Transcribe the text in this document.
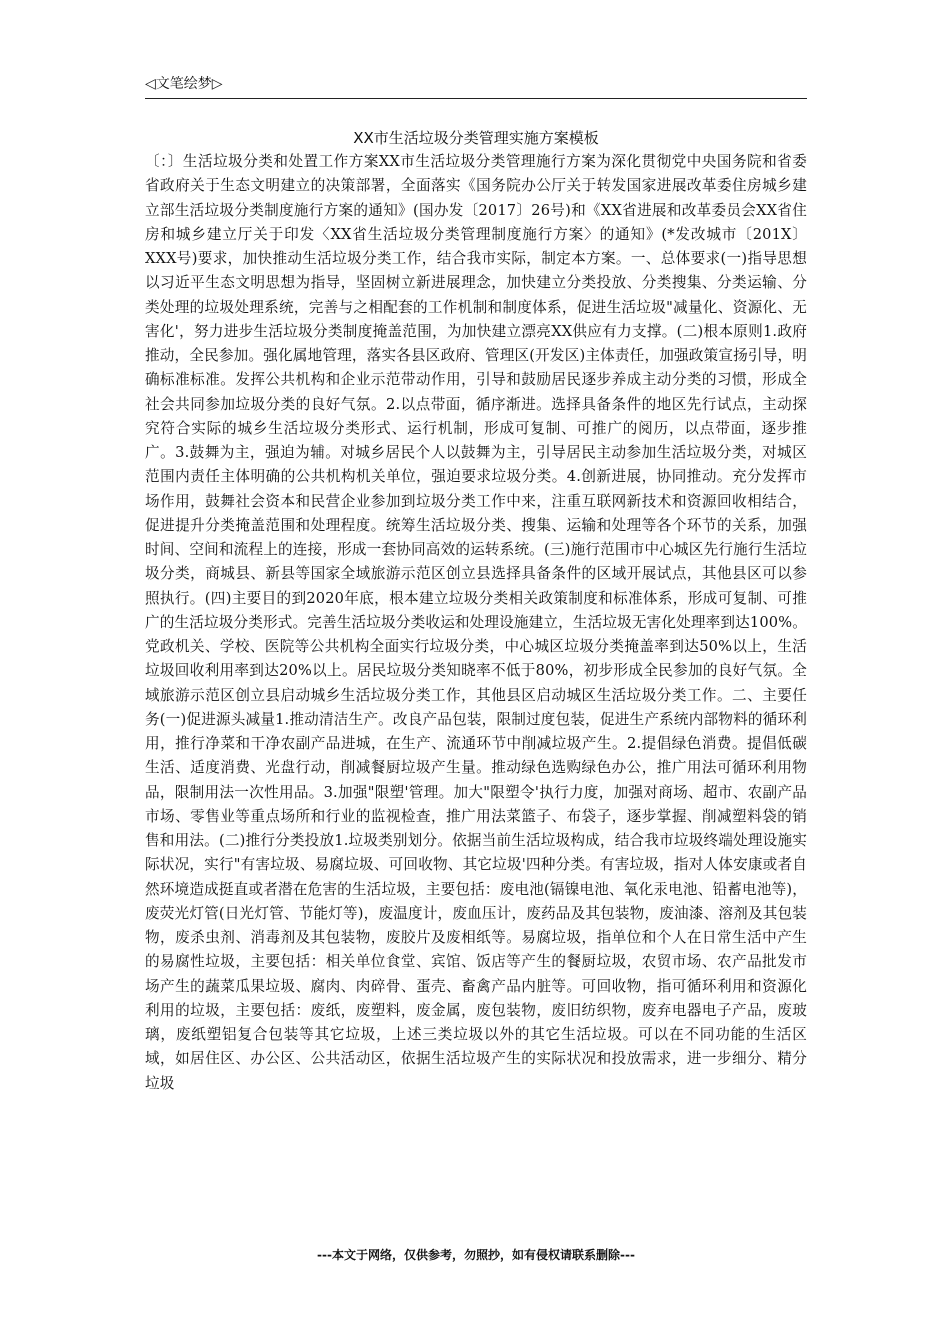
◁文笔绘梦▷
XX市生活垃圾分类管理实施方案模板
〔：〕生活垃圾分类和处置工作方案XX市生活垃圾分类管理施行方案为深化贯彻党中央国务院和省委省政府关于生态文明建立的决策部署，全面落实《国务院办公厅关于转发国家进展改革委住房城乡建立部生活垃圾分类制度施行方案的通知》(国办发〔2017〕26号)和《XX省进展和改革委员会XX省住房和城乡建立厅关于印发〈XX省生活垃圾分类管理制度施行方案〉的通知》(*发改城市〔201X〕XXX号)要求，加快推动生活垃圾分类工作，结合我市实际，制定本方案。一、总体要求(一)指导思想以习近平生态文明思想为指导，坚固树立新进展理念，加快建立分类投放、分类搜集、分类运输、分类处理的垃圾处理系统，完善与之相配套的工作机制和制度体系，促进生活垃圾"减量化、资源化、无害化'，努力进步生活垃圾分类制度掩盖范围，为加快建立漂亮XX供应有力支撑。(二)根本原则1.政府推动，全民参加。强化属地管理，落实各县区政府、管理区(开发区)主体责任，加强政策宣扬引导，明确标准标准。发挥公共机构和企业示范带动作用，引导和鼓励居民逐步养成主动分类的习惯，形成全社会共同参加垃圾分类的良好气氛。2.以点带面，循序渐进。选择具备条件的地区先行试点，主动探究符合实际的城乡生活垃圾分类形式、运行机制，形成可复制、可推广的阅历，以点带面，逐步推广。3.鼓舞为主，强迫为辅。对城乡居民个人以鼓舞为主，引导居民主动参加生活垃圾分类，对城区范围内责任主体明确的公共机构机关单位，强迫要求垃圾分类。4.创新进展，协同推动。充分发挥市场作用，鼓舞社会资本和民营企业参加到垃圾分类工作中来，注重互联网新技术和资源回收相结合，促进提升分类掩盖范围和处理程度。统筹生活垃圾分类、搜集、运输和处理等各个环节的关系，加强时间、空间和流程上的连接，形成一套协同高效的运转系统。(三)施行范围市中心城区先行施行生活垃圾分类，商城县、新县等国家全域旅游示范区创立县选择具备条件的区域开展试点，其他县区可以参照执行。(四)主要目的到2020年底，根本建立垃圾分类相关政策制度和标准体系，形成可复制、可推广的生活垃圾分类形式。完善生活垃圾分类收运和处理设施建立，生活垃圾无害化处理率到达100%。党政机关、学校、医院等公共机构全面实行垃圾分类，中心城区垃圾分类掩盖率到达50%以上，生活垃圾回收利用率到达20%以上。居民垃圾分类知晓率不低于80%，初步形成全民参加的良好气氛。全域旅游示范区创立县启动城乡生活垃圾分类工作，其他县区启动城区生活垃圾分类工作。二、主要任务(一)促进源头减量1.推动清洁生产。改良产品包装，限制过度包装，促进生产系统内部物料的循环利用，推行净菜和干净农副产品进城，在生产、流通环节中削减垃圾产生。2.提倡绿色消费。提倡低碳生活、适度消费、光盘行动，削减餐厨垃圾产生量。推动绿色选购绿色办公，推广用法可循环利用物品，限制用法一次性用品。3.加强"限塑'管理。加大"限塑令'执行力度，加强对商场、超市、农副产品市场、零售业等重点场所和行业的监视检查，推广用法菜篮子、布袋子，逐步掌握、削减塑料袋的销售和用法。(二)推行分类投放1.垃圾类别划分。依据当前生活垃圾构成，结合我市垃圾终端处理设施实际状况，实行"有害垃圾、易腐垃圾、可回收物、其它垃圾'四种分类。有害垃圾，指对人体安康或者自然环境造成挺直或者潜在危害的生活垃圾，主要包括：废电池(镉镍电池、氧化汞电池、铅蓄电池等)，废荧光灯管(日光灯管、节能灯等)，废温度计，废血压计，废药品及其包装物，废油漆、溶剂及其包装物，废杀虫剂、消毒剂及其包装物，废胶片及废相纸等。易腐垃圾，指单位和个人在日常生活中产生的易腐性垃圾，主要包括：相关单位食堂、宾馆、饭店等产生的餐厨垃圾，农贸市场、农产品批发市场产生的蔬菜瓜果垃圾、腐肉、肉碎骨、蛋壳、畜禽产品内脏等。可回收物，指可循环利用和资源化利用的垃圾，主要包括：废纸，废塑料，废金属，废包装物，废旧纺织物，废弃电器电子产品，废玻璃，废纸塑铝复合包装等其它垃圾，上述三类垃圾以外的其它生活垃圾。可以在不同功能的生活区域，如居住区、办公区、公共活动区，依据生活垃圾产生的实际状况和投放需求，进一步细分、精分垃圾
---本文于网络，仅供参考，勿照抄，如有侵权请联系删除---
